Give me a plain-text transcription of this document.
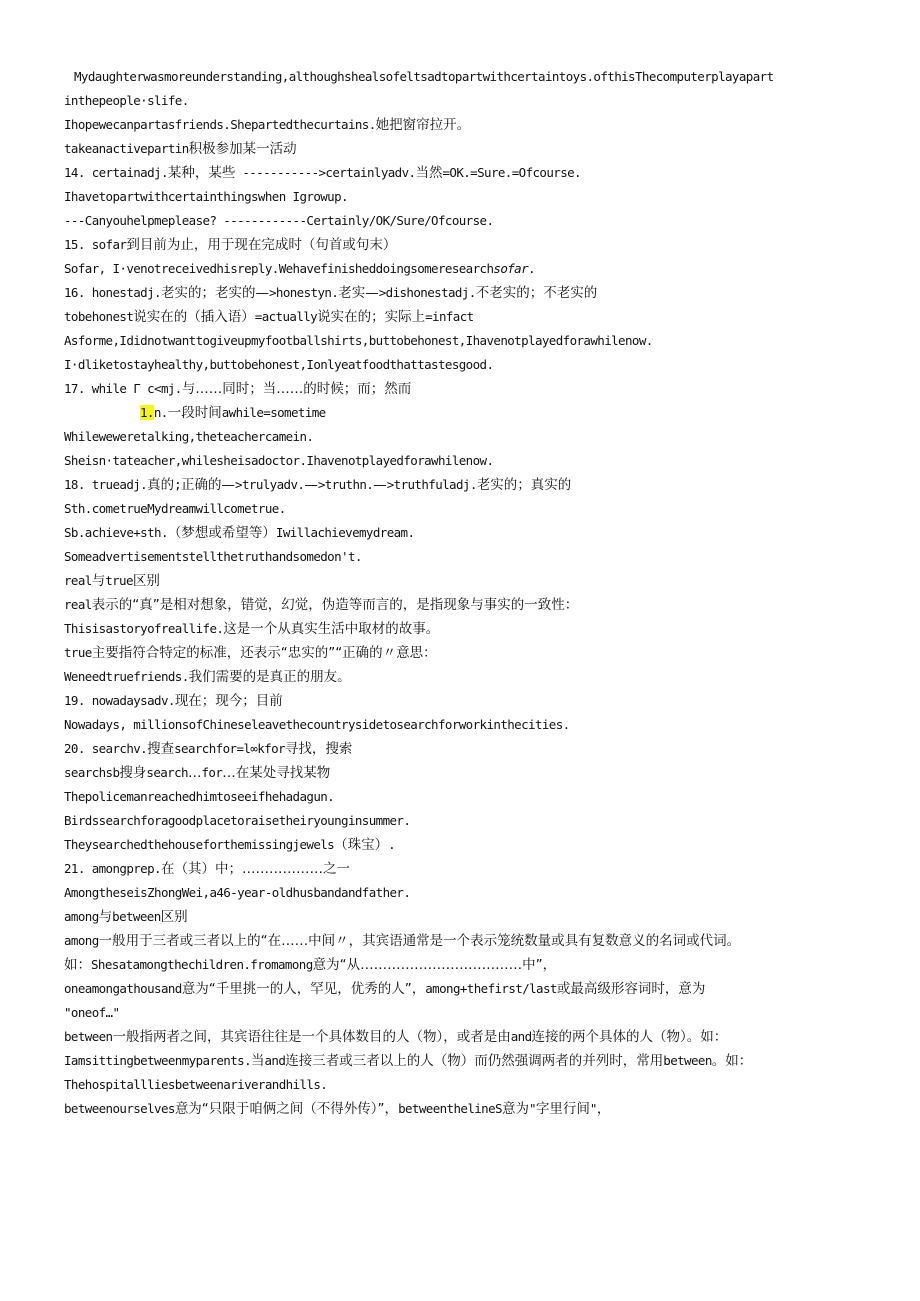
Mydaughterwasmoreunderstanding,althoughshealsofeltsadtopartwithcertaintoys.ofthisThecomputerplayapart
inthepeople·slife.
Ihopewecanpartasfriends.Shepartedthecurtains.她把窗帘拉开。
takeanactivepartin积极参加某一活动
14. certainadj.某种，某些 ----------->certainlyadv.当然=OK.=Sure.=Ofcourse.
Ihavetopartwithcertainthingswhen Igrowup.
---Canyouhelpmeplease? ------------Certainly/OK/Sure/Ofcourse.
15. sofar到目前为止，用于现在完成时（句首或句末）
Sofar, I·venotreceivedhisreply.Wehavefinisheddoingsomeresearchsofar.
16. honestadj.老实的；老实的—>honestyn.老实—>dishonestadj.不老实的；不老实的
tobehonest说实在的（插入语）=actually说实在的；实际上=infact
Asforme,Ididnotwanttogiveupmyfootballshirts,buttobehonest,Ihavenotplayedforawhilenow.
I·dliketostayhealthy,buttobehonest,Ionlyeatfoodthattastesgood.
17. while Γ c<mj.与……同时；当……的时候；而；然而
1.n.一段时间awhile=sometime
Whileweweretalking,theteachercamein.
Sheisn·tateacher,whilesheisadoctor.Ihavenotplayedforawhilenow.
18. trueadj.真的;正确的—>trulyadv.—>truthn.—>truthfuladj.老实的；真实的
Sth.cometrueMydreamwillcometrue.
Sb.achieve+sth.（梦想或希望等）Iwillachievemydream.
Someadvertisementstellthetruthandsomedon't.
real与true区别
real表示的“真”是相对想象，错觉，幻觉，伪造等而言的，是指现象与事实的一致性：
Thisisastoryofreallife.这是一个从真实生活中取材的故事。
true主要指符合特定的标准，还表示“忠实的”“正确的〃意思：
Weneedtruefriends.我们需要的是真正的朋友。
19. nowadaysadv.现在；现今；目前
Nowadays, millionsofChineseleavethecountrysidetosearchforworkinthecities.
20. searchv.搜查searchfor=l∞kfor寻找，搜索
searchsb搜身search…for…在某处寻找某物
Thepolicemanreachedhimtoseeifhehadagun.
Birdssearchforagoodplacetoraisetheiryounginsummer.
Theysearchedthehouseforthemissingjewels（珠宝）.
21. amongprep.在（其）中；………………之一
AmongtheseisZhongWei,a46-year-oldhusbandandfather.
among与between区别
among一般用于三者或三者以上的“在……中间〃，其宾语通常是一个表示笼统数量或具有复数意义的名词或代词。
如：Shesatamongthechildren.fromamong意为“从………………………………中”，
oneamongathousand意为“千里挑一的人，罕见，优秀的人”，among+thefirst/last或最高级形容词时，意为
"oneof…"
between一般指两者之间，其宾语往往是一个具体数目的人（物），或者是由and连接的两个具体的人（物）。如：
Iamsittingbetweenmyparents.当and连接三者或三者以上的人（物）而仍然强调两者的并列时，常用between。如：
Thehospitallliesbetweenariverandhills.
betweenourselves意为“只限于咱俩之间（不得外传）”，betweenthelineS意为"字里行间"，
